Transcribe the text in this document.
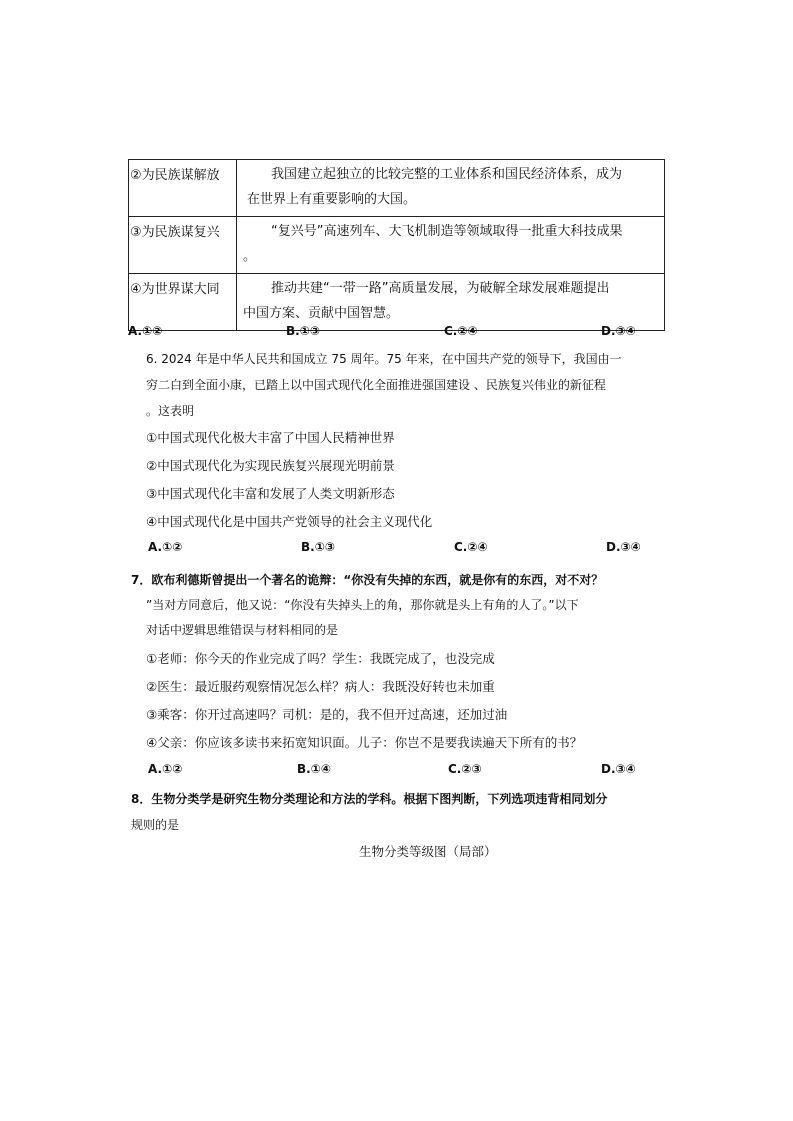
②为民族谋解放	我国建立起独立的比较完整的工业体系和国民经济体系，成为
在世界上有重要影响的大国。

③为民族谋复兴	“复兴号”高速列车、大飞机制造等领域取得一批重大科技成果
。

④为世界谋大同	推动共建“一带一路”高质量发展，为破解全球发展难题提出
中国方案、贡献中国智慧。
A.①②	B.①③	C.②④	D.③④
6. 2024 年是中华人民共和国成立 75 周年。75 年来，在中国共产党的领导下，我国由一
穷二白到全面小康，已踏上以中国式现代化全面推进强国建设 、民族复兴伟业的新征程
。这表明
①中国式现代化极大丰富了中国人民精神世界
②中国式现代化为实现民族复兴展现光明前景
③中国式现代化丰富和发展了人类文明新形态
④中国式现代化是中国共产党领导的社会主义现代化
A.①②	B.①③	C.②④	D.③④
7．欧布利德斯曾提出一个著名的诡辩：“你没有失掉的东西，就是你有的东西，对不对？
”当对方同意后，他又说：“你没有失掉头上的角，那你就是头上有角的人了。”以下
对话中逻辑思维错误与材料相同的是
①老师：你今天的作业完成了吗？学生：我既完成了，也没完成
②医生：最近服药观察情况怎么样？病人：我既没好转也未加重
③乘客：你开过高速吗？司机：是的，我不但开过高速，还加过油
④父亲：你应该多读书来拓宽知识面。儿子：你岂不是要我读遍天下所有的书？
A.①②	B.①④	C.②③	D.③④
8．生物分类学是研究生物分类理论和方法的学科。根据下图判断，下列选项违背相同划分
规则的是
生物分类等级图（局部）
